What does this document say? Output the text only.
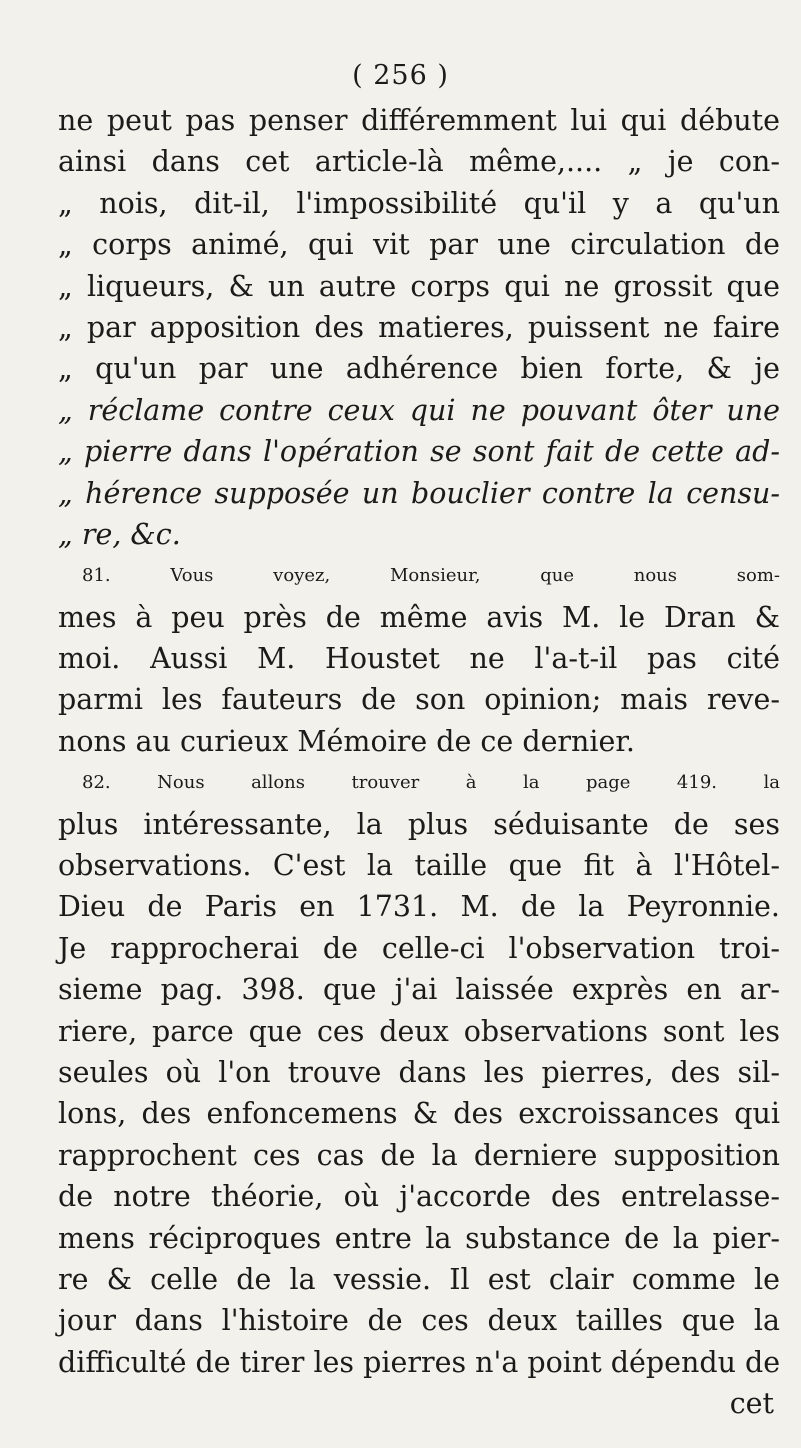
( 256 )
ne peut pas penser différemment lui qui débute
ainsi dans cet article-là même,.... „ je con-
„ nois, dit-il, l'impossibilité qu'il y a qu'un
„ corps animé, qui vit par une circulation de
„ liqueurs, & un autre corps qui ne grossit que
„ par apposition des matieres, puissent ne faire
„ qu'un par une adhérence bien forte, & je
„ réclame contre ceux qui ne pouvant ôter une
„ pierre dans l'opération se sont fait de cette ad-
„ hérence supposée un bouclier contre la censu-
„ re, &c.
81. Vous voyez, Monsieur, que nous som-
mes à peu près de même avis M. le Dran &
moi. Aussi M. Houstet ne l'a-t-il pas cité
parmi les fauteurs de son opinion; mais reve-
nons au curieux Mémoire de ce dernier.
82. Nous allons trouver à la page 419. la
plus intéressante, la plus séduisante de ses
observations. C'est la taille que fit à l'Hôtel-
Dieu de Paris en 1731. M. de la Peyronnie.
Je rapprocherai de celle-ci l'observation troi-
sieme pag. 398. que j'ai laissée exprès en ar-
riere, parce que ces deux observations sont les
seules où l'on trouve dans les pierres, des sil-
lons, des enfoncemens & des excroissances qui
rapprochent ces cas de la derniere supposition
de notre théorie, où j'accorde des entrelasse-
mens réciproques entre la substance de la pier-
re & celle de la vessie. Il est clair comme le
jour dans l'histoire de ces deux tailles que la
difficulté de tirer les pierres n'a point dépendu de
cet
